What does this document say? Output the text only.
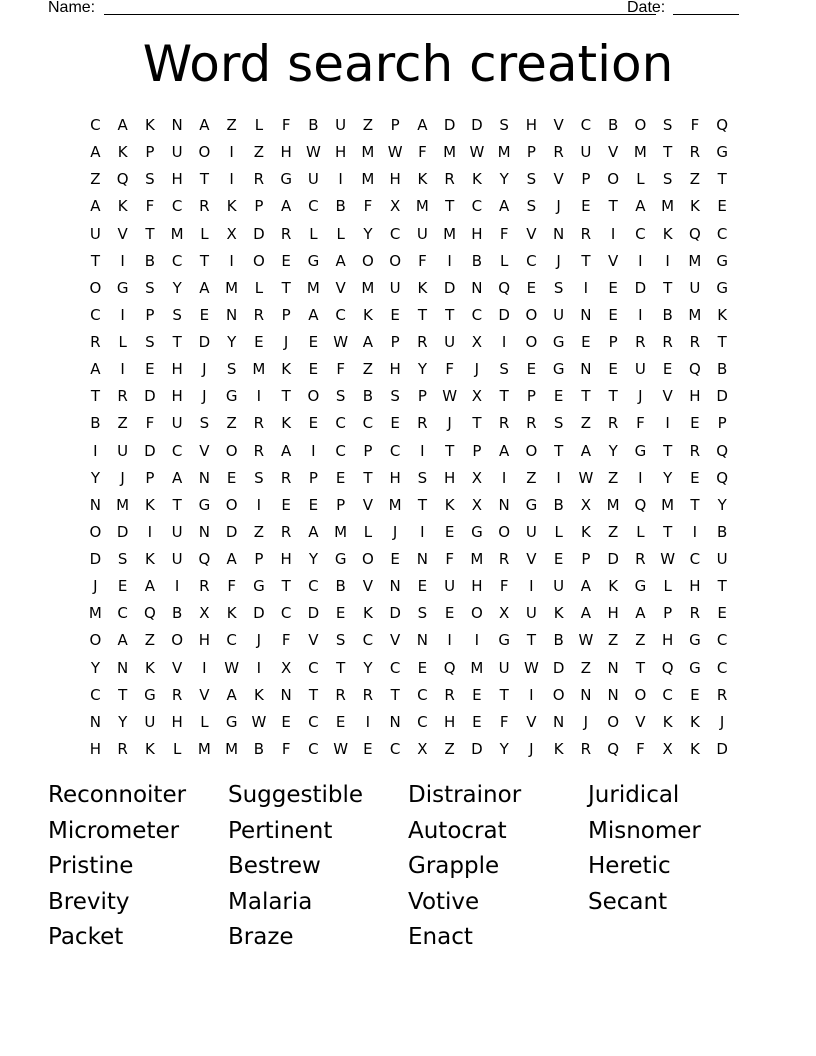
Name:	Date:
Word search creation
C	A	K	N	A	Z	L	F	B	U	Z	P	A	D	D	S	H	V	C	B	O	S	F	Q
A	K	P	U	O	I	Z	H W H	M W	F	M W M	P	R	U	V	M	T	R	G
Z	Q	S	H	T	I	R	G	U	I	M	H	K	R	K	Y	S	V	P	O	L	S	Z	T
A	K	F	C	R	K	P	A	C	B	F	X	M	T	C	A	S	J	E	T	A	M	K	E
U	V	T	M	L	X	D	R	L	L	Y	C	U	M	H	F	V	N	R	I	C	K	Q	C
T	I	B	C	T	I	O	E	G	A	O	O	F	I	B	L	C	J	T	V	I	I	M G
O	G	S	Y	A	M	L	T	M	V	M	U	K	D	N	Q	E	S	I	E	D	T	U	G
C	I	P	S	E	N	R	P	A	C	K	E	T	T	C	D	O	U	N	E	I	B	M	K
R	L	S	T	D	Y	E	J	E	W A	P	R	U	X	I	O	G	E	P	R	R	R	T
A	I	E	H	J	S	M	K	E	F	Z	H	Y	F	J	S	E	G	N	E	U	E	Q	B
T	R	D	H	J	G	I	T	O	S	B	S	P	W X	T	P	E	T	T	J	V	H	D
B	Z	F	U	S	Z	R	K	E	C	C	E	R	J	T	R	R	S	Z	R	F	I	E	P
I	U	D	C	V	O	R	A	I	C	P	C	I	T	P	A	O	T	A	Y	G	T	R	Q
Y	J	P	A	N	E	S	R	P	E	T	H	S	H	X	I	Z	I	W Z	I	Y	E	Q
N	M	K	T	G	O	I	E	E	P	V	M	T	K	X	N	G	B	X	M Q M	T	Y
O	D	I	U	N	D	Z	R	A	M	L	J	I	E	G	O	U	L	K	Z	L	T	I	B
D	S	K	U	Q	A	P	H	Y	G	O	E	N	F	M	R	V	E	P	D	R W C	U
J	E	A	I	R	F	G	T	C	B	V	N	E	U	H	F	I	U	A	K	G	L	H	T
M	C	Q	B	X	K	D	C	D	E	K	D	S	E	O	X	U	K	A	H	A	P	R	E
O	A	Z	O	H	C	J	F	V	S	C	V	N	I	I	G	T	B W Z	Z	H	G	C
Y	N	K	V	I	W	I	X	C	T	Y	C	E	Q M	U W D	Z	N	T	Q	G	C
C	T	G	R	V	A	K	N	T	R	R	T	C	R	E	T	I	O	N	N	O	C	E	R
N	Y	U	H	L	G W	E	C	E	I	N	C	H	E	F	V	N	J	O	V	K	K	J
H	R	K	L	M M	B	F	C W	E	C	X	Z	D	Y	J	K	R	Q	F	X	K	D
Reconnoiter	Suggestible	Distrainor	Juridical
Micrometer	Pertinent	Autocrat	Misnomer
Pristine	Bestrew	Grapple	Heretic
Brevity	Malaria	Votive	Secant
Packet	Braze	Enact
